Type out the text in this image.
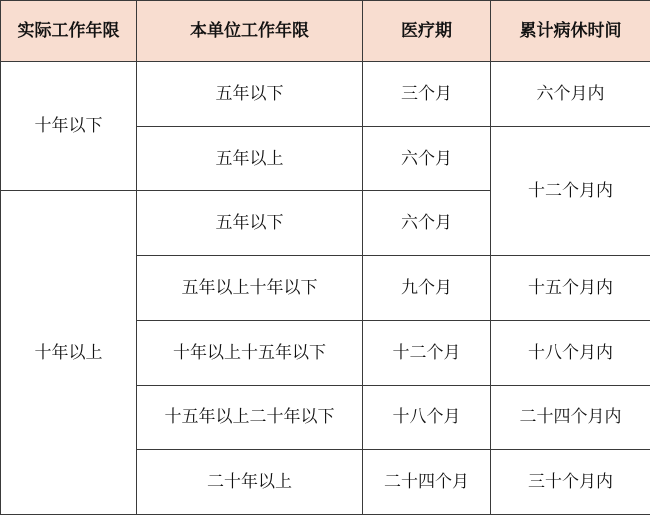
实际工作年限	本单位工作年限	医疗期	累计病休时间
十年以下	五年以下	三个月	六个月内
	五年以上	六个月	十二个月内
十年以上	五年以下	六个月	
	五年以上十年以下	九个月	十五个月内
	十年以上十五年以下	十二个月	十八个月内
	十五年以上二十年以下	十八个月	二十四个月内
	二十年以上	二十四个月	三十个月内
